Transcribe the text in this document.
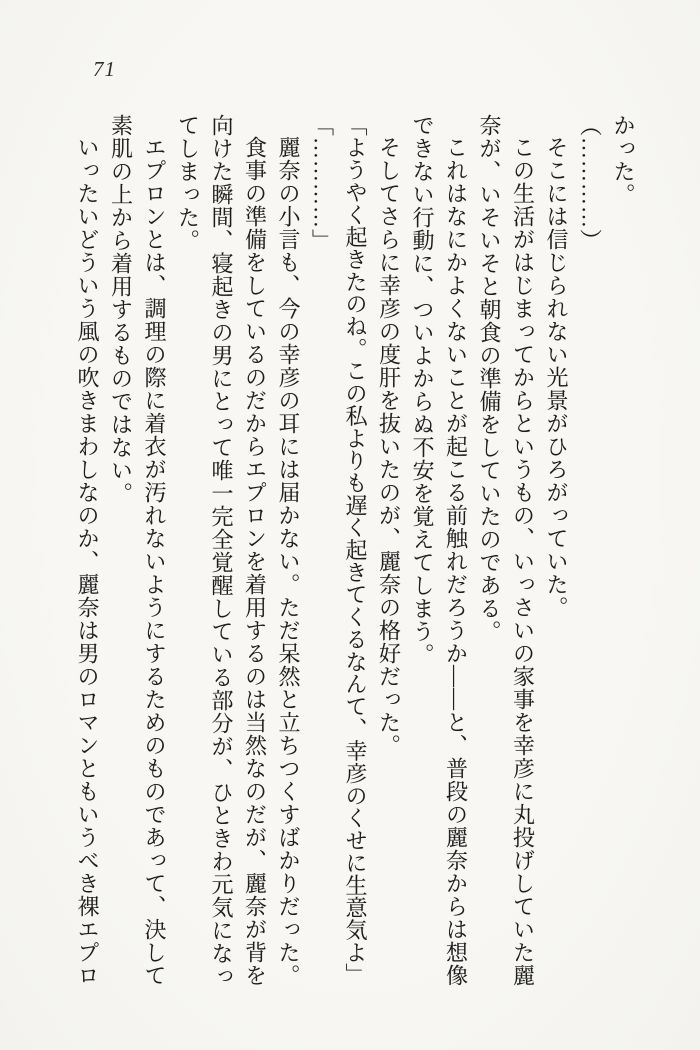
71

かった。

（…………）

そこには信じられない光景がひろがっていた。

この生活がはじまってからというもの、いっさいの家事を幸彦に丸投げしていた麗奈が、いそいそと朝食の準備をしていたのである。

これはなにかよくないことが起こる前触れだろうか――と、普段の麗奈からは想像できない行動に、ついよからぬ不安を覚えてしまう。

そしてさらに幸彦の度肝を抜いたのが、麗奈の格好だった。

「ようやく起きたのね。この私よりも遅く起きてくるなんて、幸彦のくせに生意気よ」

「…………」

麗奈の小言も、今の幸彦の耳には届かない。ただ呆然と立ちつくすばかりだった。

食事の準備をしているのだからエプロンを着用するのは当然なのだが、麗奈が背を向けた瞬間、寝起きの男にとって唯一完全覚醒している部分が、ひときわ元気になってしまった。

エプロンとは、調理の際に着衣が汚れないようにするためのものであって、決して素肌の上から着用するものではない。

いったいどういう風の吹きまわしなのか、麗奈は男のロマンともいうべき裸エプロ
